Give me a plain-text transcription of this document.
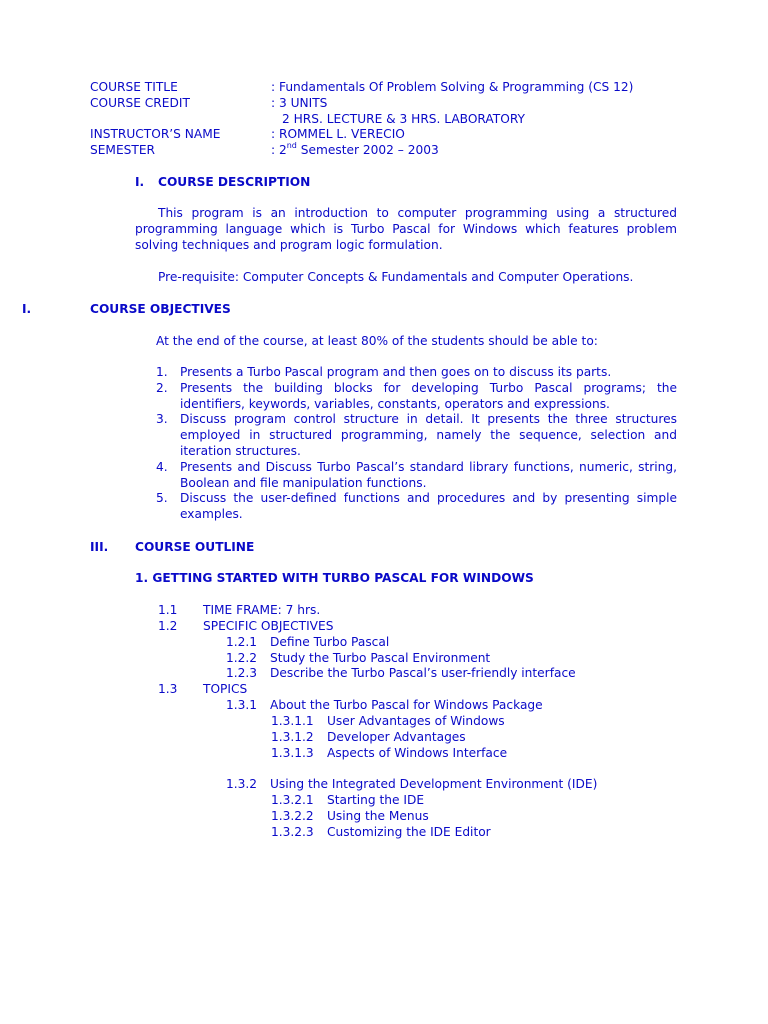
COURSE TITLE	: Fundamentals Of Problem Solving & Programming (CS 12)
COURSE CREDIT	: 3 UNITS
2 HRS. LECTURE & 3 HRS. LABORATORY
INSTRUCTOR’S NAME	: ROMMEL L. VERECIO
SEMESTER	: 2nd Semester 2002 – 2003
I. COURSE DESCRIPTION
This program is an introduction to computer programming using a structured programming language which is Turbo Pascal for Windows which features problem solving techniques and program logic formulation.
Pre-requisite: Computer Concepts & Fundamentals and Computer Operations.
I.	COURSE OBJECTIVES
At the end of the course, at least 80% of the students should be able to:
1. Presents a Turbo Pascal program and then goes on to discuss its parts.
2. Presents the building blocks for developing Turbo Pascal programs; the identifiers, keywords, variables, constants, operators and expressions.
3. Discuss program control structure in detail. It presents the three structures employed in structured programming, namely the sequence, selection and iteration structures.
4. Presents and Discuss Turbo Pascal’s standard library functions, numeric, string, Boolean and file manipulation functions.
5. Discuss the user-defined functions and procedures and by presenting simple examples.
III. COURSE OUTLINE
1. GETTING STARTED WITH TURBO PASCAL FOR WINDOWS
1.1 TIME FRAME: 7 hrs.
1.2 SPECIFIC OBJECTIVES
1.2.1 Define Turbo Pascal
1.2.2 Study the Turbo Pascal Environment
1.2.3 Describe the Turbo Pascal’s user-friendly interface
1.3 TOPICS
1.3.1 About the Turbo Pascal for Windows Package
1.3.1.1 User Advantages of Windows
1.3.1.2 Developer Advantages
1.3.1.3 Aspects of Windows Interface
1.3.2 Using the Integrated Development Environment (IDE)
1.3.2.1 Starting the IDE
1.3.2.2 Using the Menus
1.3.2.3 Customizing the IDE Editor
